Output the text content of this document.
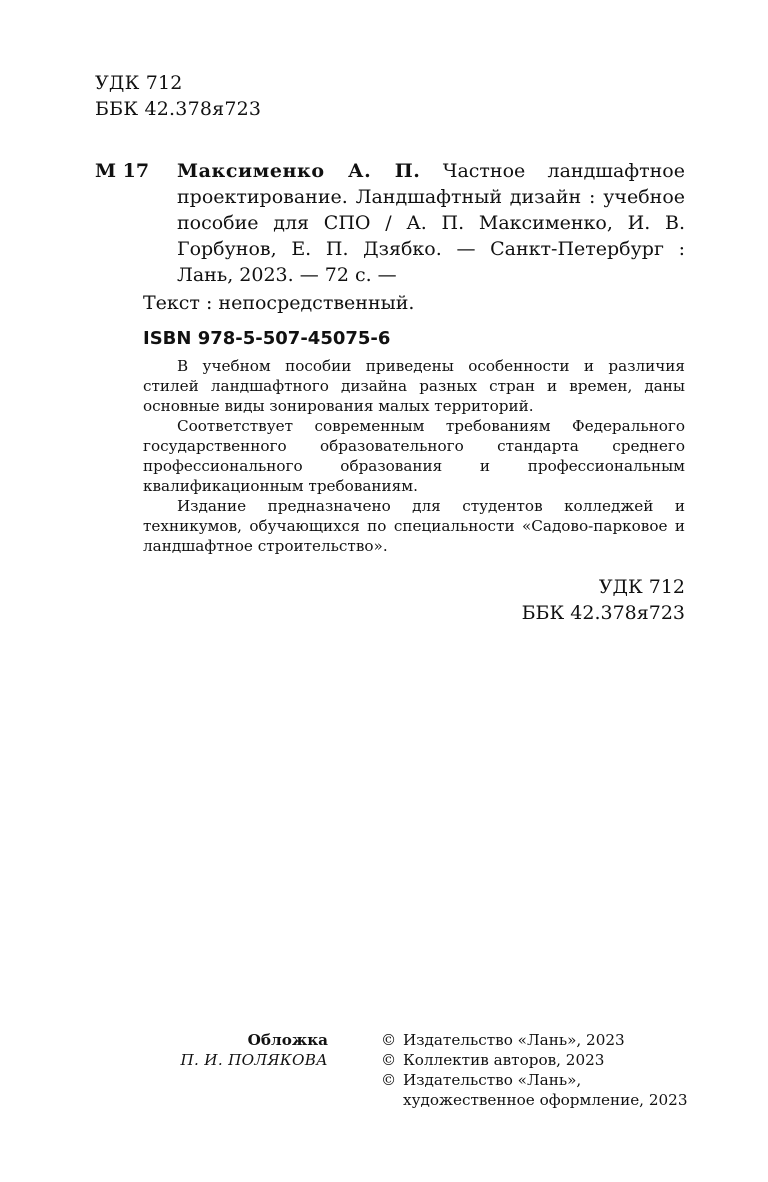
УДК 712
ББК 42.378я723
М 17	Максименко А. П. Частное ландшафтное проектирование. Ландшафтный дизайн : учебное пособие для СПО / А. П. Максименко, И. В. Горбунов, Е. П. Дзябко. — Санкт-Петербург : Лань, 2023. — 72 с. —
Текст : непосредственный.
ISBN 978-5-507-45075-6

В учебном пособии приведены особенности и различия стилей ландшафтного дизайна разных стран и времен, даны основные виды зонирования малых территорий.

Соответствует современным требованиям Федерального государственного образовательного стандарта среднего профессионального образования и профессиональным квалификационным требованиям.

Издание предназначено для студентов колледжей и техникумов, обучающихся по специальности «Садово-парковое и ландшафтное строительство».

УДК 712
ББК 42.378я723
Обложка
П. И. ПОЛЯКОВА
© Издательство «Лань», 2023
© Коллектив авторов, 2023
© Издательство «Лань»,
художественное оформление, 2023
